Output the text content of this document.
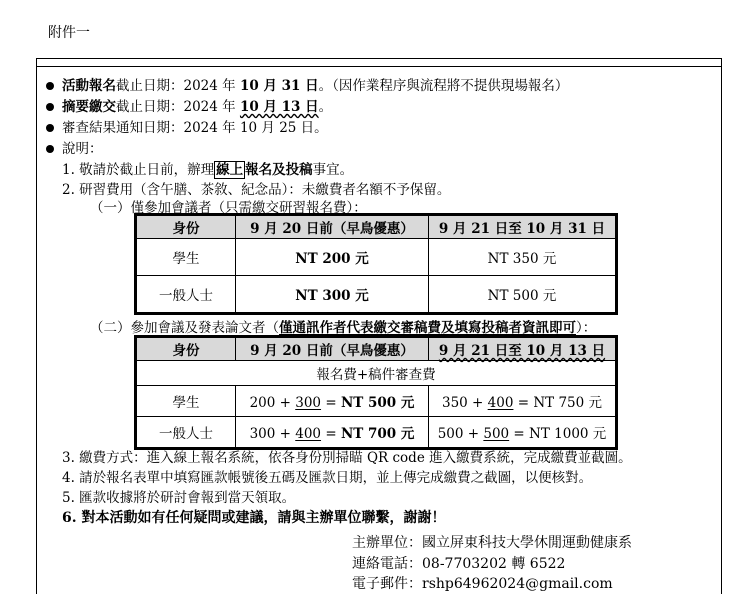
附件一
活動報名截止日期：2024 年 10 月 31 日。（因作業程序與流程將不提供現場報名）
摘要繳交截止日期：2024 年 10 月 13 日。
審查結果通知日期：2024 年 10 月 25 日。
說明：
1. 敬請於截止日前，辦理 線上 報名及投稿事宜。
2. 研習費用（含午膳、茶敘、紀念品）：未繳費者名額不予保留。
（一）僅參加會議者（只需繳交研習報名費）：
身份	9 月 20 日前（早鳥優惠）	9 月 21 日至 10 月 31 日
學生	NT 200 元	NT 350 元
一般人士	NT 300 元	NT 500 元
（二）參加會議及發表論文者（僅通訊作者代表繳交審稿費及填寫投稿者資訊即可）：
身份	9 月 20 日前（早鳥優惠）	9 月 21 日至 10 月 13 日
報名費+稿件審查費		
學生	200 + 300 = NT 500 元	350 + 400 = NT 750 元
一般人士	300 + 400 = NT 700 元	500 + 500 = NT 1000 元
3. 繳費方式：進入線上報名系統，依各身份別掃瞄 QR code 進入繳費系統，完成繳費並截圖。
4. 請於報名表單中填寫匯款帳號後五碼及匯款日期，並上傳完成繳費之截圖，以便核對。
5. 匯款收據將於研討會報到當天領取。
6. 對本活動如有任何疑問或建議，請與主辦單位聯繫，謝謝！
主辦單位：國立屏東科技大學休閒運動健康系
連絡電話：08-7703202 轉 6522
電子郵件：rshp64962024@gmail.com
